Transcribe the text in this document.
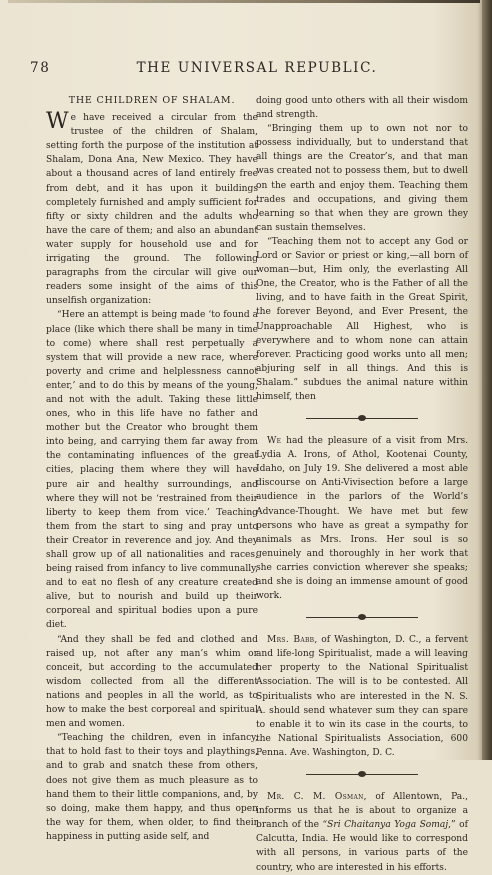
78	THE UNIVERSAL REPUBLIC.
THE CHILDREN OF SHALAM.

We have received a circular from the trustee of the children of Shalam, setting forth the purpose of the institution at Shalam, Dona Ana, New Mexico. They have about a thousand acres of land entirely free from debt, and it has upon it buildings completely furnished and amply sufficient for fifty or sixty children and the adults who have the care of them; and also an abundant water supply for household use and for irrigating the ground. The following paragraphs from the circular will give our readers some insight of the aims of this unselfish organization:

“Here an attempt is being made ‘to found a place (like which there shall be many in time to come) where shall rest perpetually a system that will provide a new race, where poverty and crime and helplessness cannot enter,’ and to do this by means of the young, and not with the adult. Taking these little ones, who in this life have no father and mother but the Creator who brought them into being, and carrying them far away from the contaminating influences of the great cities, placing them where they will have pure air and healthy surroundings, and where they will not be ‘restrained from their liberty to keep them from vice.’ Teaching them from the start to sing and pray unto their Creator in reverence and joy. And they shall grow up of all nationalities and races, being raised from infancy to live communally, and to eat no flesh of any creature created alive, but to nourish and build up their corporeal and spiritual bodies upon a pure diet.

“And they shall be fed and clothed and raised up, not after any man’s whim or conceit, but according to the accumulated wisdom collected from all the different nations and peoples in all the world, as to how to make the best corporeal and spiritual men and women.

“Teaching the children, even in infancy, that to hold fast to their toys and playthings, and to grab and snatch these from others, does not give them as much pleasure as to hand them to their little companions, and, by so doing, make them happy, and thus open the way for them, when older, to find their happiness in putting aside self, and

doing good unto others with all their wisdom and strength.

“Bringing them up to own not nor to possess individually, but to understand that all things are the Creator’s, and that man was created not to possess them, but to dwell on the earth and enjoy them. Teaching them trades and occupations, and giving them learning so that when they are grown they can sustain themselves.

“Teaching them not to accept any God or Lord or Savior or priest or king,—all born of woman—but, Him only, the everlasting All One, the Creator, who is the Father of all the living, and to have faith in the Great Spirit, the forever Beyond, and Ever Present, the Unapproachable All Highest, who is everywhere and to whom none can attain forever. Practicing good works unto all men; abjuring self in all things. And this is Shalam.” subdues the animal nature within himself, then

We had the pleasure of a visit from Mrs. Lydia A. Irons, of Athol, Kootenai County, Idaho, on July 19. She delivered a most able discourse on Anti-Vivisection before a large audience in the parlors of the World’s Advance-Thought. We have met but few persons who have as great a sympathy for animals as Mrs. Irons. Her soul is so genuinely and thoroughly in her work that she carries conviction wherever she speaks; and she is doing an immense amount of good work.

Mrs. Babb, of Washington, D. C., a fervent and life-long Spiritualist, made a will leaving her property to the National Spiritualist Association. The will is to be contested. All Spiritualists who are interested in the N. S. A. should send whatever sum they can spare to enable it to win its case in the courts, to the National Spiritualists Association, 600 Penna. Ave. Washington, D. C.

Mr. C. M. Osman, of Allentown, Pa., informs us that he is about to organize a branch of the “Sri Chaitanya Yoga Somaj,” of Calcutta, India. He would like to correspond with all persons, in various parts of the country, who are interested in his efforts.
